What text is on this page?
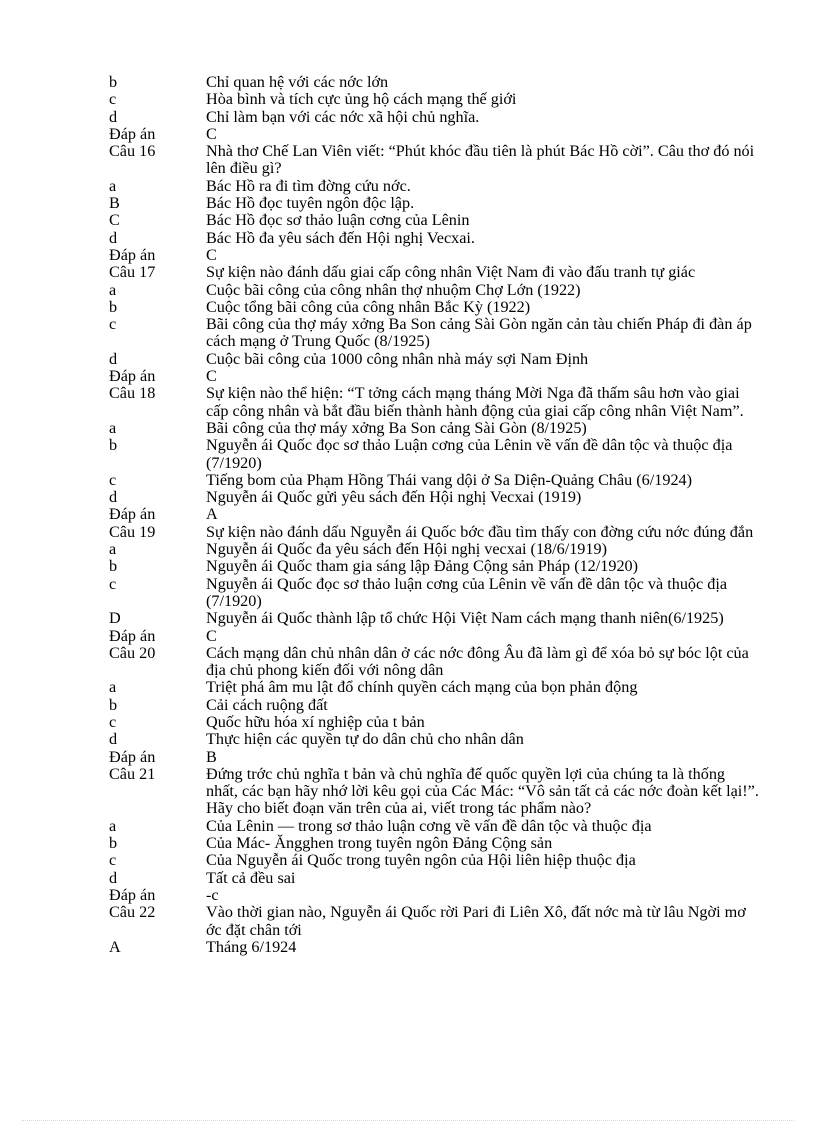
b	Chỉ quan hệ với các nớc lớn
c	Hòa bình và tích cực ủng hộ cách mạng thế giới
d	Chỉ làm bạn với các nớc xã hội chủ nghĩa.
Đáp án	C
Câu 16	Nhà thơ Chế Lan Viên viết: “Phút khóc đầu tiên là phút Bác Hồ cời”. Câu thơ đó nói lên điều gì?
a	Bác Hồ ra đi tìm đờng cứu nớc.
B	Bác Hồ đọc tuyên ngôn độc lập.
C	Bác Hồ đọc sơ thảo luận cơng của Lênin
d	Bác Hồ đa yêu sách đến Hội nghị Vecxai.
Đáp án	C
Câu 17	Sự kiện nào đánh dấu giai cấp công nhân Việt Nam đi vào đấu tranh tự giác
a	Cuộc bãi công của công nhân thợ nhuộm Chợ Lớn (1922)
b	Cuộc tổng bãi công của công nhân Bắc Kỳ (1922)
c	Bãi công của thợ máy xởng Ba Son cảng Sài Gòn ngăn cản tàu chiến Pháp đi đàn áp cách mạng ở Trung Quốc (8/1925)
d	Cuộc bãi công của 1000 công nhân nhà máy sợi Nam Định
Đáp án	C
Câu 18	Sự kiện nào thể hiện: “T tởng cách mạng tháng Mời Nga đã thấm sâu hơn vào giai cấp công nhân và bắt đầu biến thành hành động của giai cấp công nhân Việt Nam”.
a	Bãi công của thợ máy xởng Ba Son cảng Sài Gòn (8/1925)
b	Nguyễn ái Quốc đọc sơ thảo Luận cơng của Lênin về vấn đề dân tộc và thuộc địa (7/1920)
c	Tiếng bom của Phạm Hồng Thái vang dội ở Sa Diện-Quảng Châu (6/1924)
d	Nguyễn ái Quốc gửi yêu sách đến Hội nghị Vecxai (1919)
Đáp án	A
Câu 19	Sự kiện nào đánh dấu Nguyễn ái Quốc bớc đầu tìm thấy con đờng cứu nớc đúng đắn
a	Nguyễn ái Quốc đa yêu sách đến Hội nghị vecxai (18/6/1919)
b	Nguyễn ái Quốc tham gia sáng lập Đảng Cộng sản Pháp (12/1920)
c	Nguyễn ái Quốc đọc sơ thảo luận cơng của Lênin về vấn đề dân tộc và thuộc địa (7/1920)
D	Nguyễn ái Quốc thành lập tổ chức Hội Việt Nam cách mạng thanh niên(6/1925)
Đáp án	C
Câu 20	Cách mạng dân chủ nhân dân ở các nớc đông Âu đã làm gì để xóa bỏ sự bóc lột của địa chủ phong kiến đối với nông dân
a	Triệt phá âm mu lật đổ chính quyền cách mạng của bọn phản động
b	Cải cách ruộng đất
c	Quốc hữu hóa xí nghiệp của t bản
d	Thực hiện các quyền tự do dân chủ cho nhân dân
Đáp án	B
Câu 21	Đứng trớc chủ nghĩa t bản và chủ nghĩa đế quốc quyền lợi của chúng ta là thống nhất, các bạn hãy nhớ lời kêu gọi của Các Mác: “Vô sản tất cả các nớc đoàn kết lại!”. Hãy cho biết đoạn văn trên của ai, viết trong tác phẩm nào?
a	Của Lênin — trong sơ thảo luận cơng về vấn đề dân tộc và thuộc địa
b	Của Mác- Ăngghen trong tuyên ngôn Đảng Cộng sản
c	Của Nguyễn ái Quốc trong tuyên ngôn của Hội liên hiệp thuộc địa
d	Tất cả đều sai
Đáp án	-c
Câu 22	Vào thời gian nào, Nguyễn ái Quốc rời Pari đi Liên Xô, đất nớc mà từ lâu Ngời mơ ớc đặt chân tới
A	Tháng 6/1924
